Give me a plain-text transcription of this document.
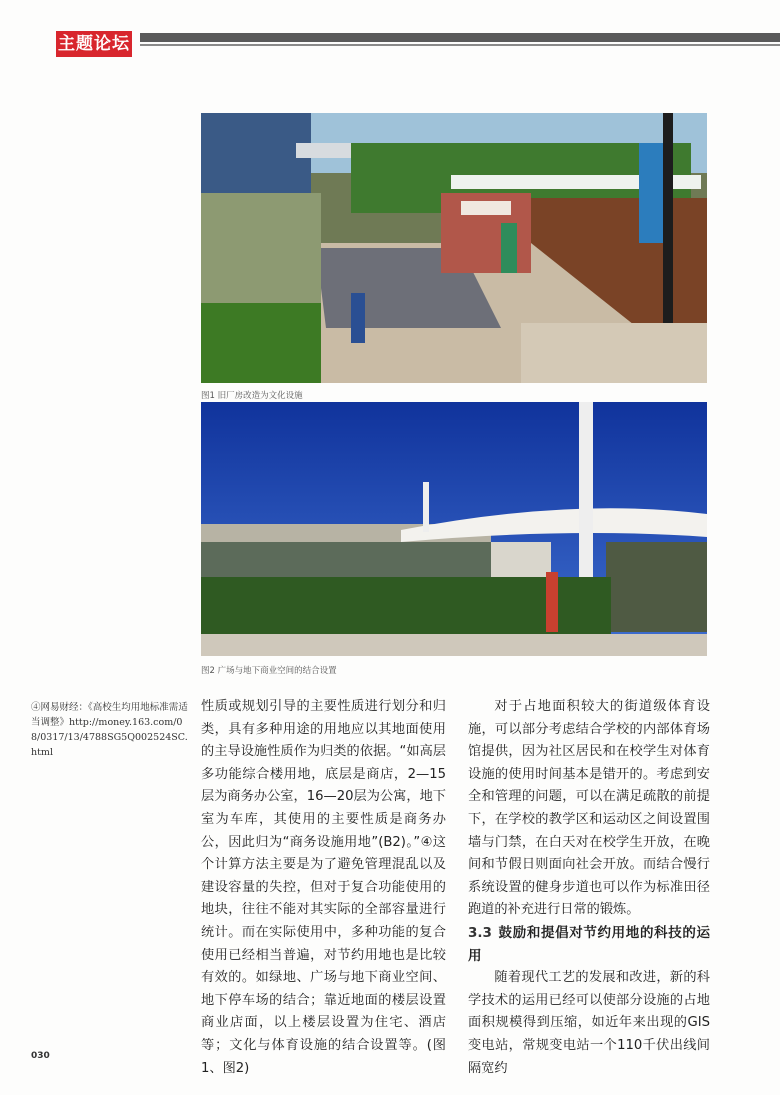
主题论坛
图1 旧厂房改造为文化设施
图2 广场与地下商业空间的结合设置
④网易财经：《高校生均用地标准需适当调整》http://money.163.com/08/0317/13/4788SG5Q002524SC.html

性质或规划引导的主要性质进行划分和归类，具有多种用途的用地应以其地面使用的主导设施性质作为归类的依据。“如高层多功能综合楼用地，底层是商店，2—15层为商务办公室，16—20层为公寓，地下室为车库，其使用的主要性质是商务办公，因此归为“商务设施用地”(B2)。”④这个计算方法主要是为了避免管理混乱以及建设容量的失控，但对于复合功能使用的地块，往往不能对其实际的全部容量进行统计。而在实际使用中，多种功能的复合使用已经相当普遍，对节约用地也是比较有效的。如绿地、广场与地下商业空间、地下停车场的结合；靠近地面的楼层设置商业店面，以上楼层设置为住宅、酒店等；文化与体育设施的结合设置等。(图1、图2)

对于占地面积较大的街道级体育设施，可以部分考虑结合学校的内部体育场馆提供，因为社区居民和在校学生对体育设施的使用时间基本是错开的。考虑到安全和管理的问题，可以在满足疏散的前提下，在学校的教学区和运动区之间设置围墙与门禁，在白天对在校学生开放，在晚间和节假日则面向社会开放。而结合慢行系统设置的健身步道也可以作为标准田径跑道的补充进行日常的锻炼。

3.3 鼓励和提倡对节约用地的科技的运用

随着现代工艺的发展和改进，新的科学技术的运用已经可以使部分设施的占地面积规模得到压缩，如近年来出现的GIS变电站，常规变电站一个110千伏出线间隔宽约

030
